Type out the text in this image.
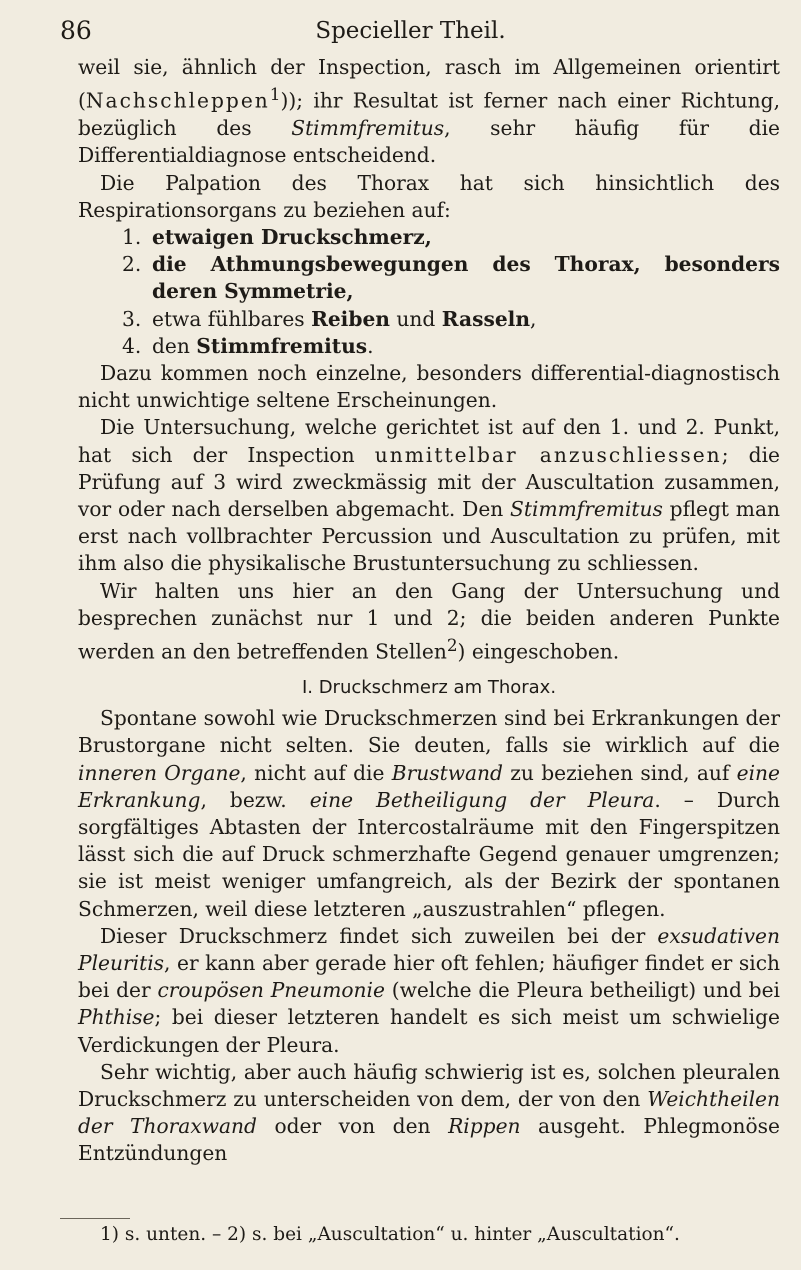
86	Specieller Theil.

weil sie, ähnlich der Inspection, rasch im Allgemeinen orientirt (Nachschleppen$^1$)); ihr Resultat ist ferner nach einer Richtung, bezüglich des Stimmfremitus, sehr häufig für die Differentialdiagnose entscheidend.

Die Palpation des Thorax hat sich hinsichtlich des Respirationsorgans zu beziehen auf:

1. etwaigen Druckschmerz,
2. die Athmungsbewegungen des Thorax, besonders deren Symmetrie,
3. etwa fühlbares Reiben und Rasseln,
4. den Stimmfremitus.

Dazu kommen noch einzelne, besonders differential-diagnostisch nicht unwichtige seltene Erscheinungen.

Die Untersuchung, welche gerichtet ist auf den 1. und 2. Punkt, hat sich der Inspection unmittelbar anzuschliessen; die Prüfung auf 3 wird zweckmässig mit der Auscultation zusammen, vor oder nach derselben abgemacht. Den Stimmfremitus pflegt man erst nach vollbrachter Percussion und Auscultation zu prüfen, mit ihm also die physikalische Brustuntersuchung zu schliessen.

Wir halten uns hier an den Gang der Untersuchung und besprechen zunächst nur 1 und 2; die beiden anderen Punkte werden an den betreffenden Stellen$^2$) eingeschoben.

I. Druckschmerz am Thorax.

Spontane sowohl wie Druckschmerzen sind bei Erkrankungen der Brustorgane nicht selten. Sie deuten, falls sie wirklich auf die inneren Organe, nicht auf die Brustwand zu beziehen sind, auf eine Erkrankung, bezw. eine Betheiligung der Pleura. – Durch sorgfältiges Abtasten der Intercostalräume mit den Fingerspitzen lässt sich die auf Druck schmerzhafte Gegend genauer umgrenzen; sie ist meist weniger umfangreich, als der Bezirk der spontanen Schmerzen, weil diese letzteren „auszustrahlen“ pflegen.

Dieser Druckschmerz findet sich zuweilen bei der exsudativen Pleuritis, er kann aber gerade hier oft fehlen; häufiger findet er sich bei der croupösen Pneumonie (welche die Pleura betheiligt) und bei Phthise; bei dieser letzteren handelt es sich meist um schwielige Verdickungen der Pleura.

Sehr wichtig, aber auch häufig schwierig ist es, solchen pleuralen Druckschmerz zu unterscheiden von dem, der von den Weichtheilen der Thoraxwand oder von den Rippen ausgeht. Phlegmonöse Entzündungen

1) s. unten. – 2) s. bei „Auscultation“ u. hinter „Auscultation“.
